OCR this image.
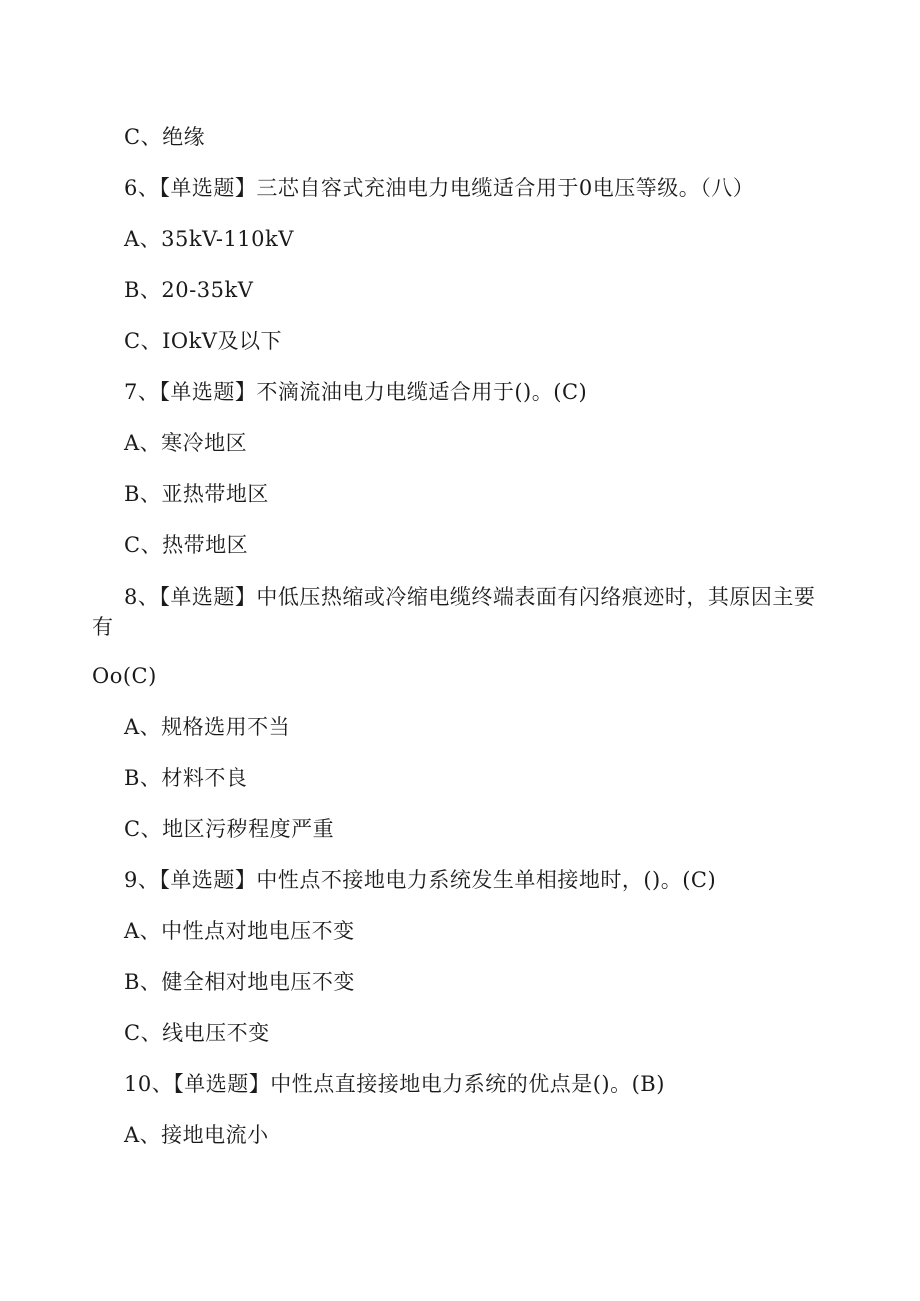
C、绝缘
6、【单选题】三芯自容式充油电力电缆适合用于0电压等级。（八）
A、35kV-110kV
B、20-35kV
C、IOkV及以下
7、【单选题】不滴流油电力电缆适合用于()。(C)
A、寒冷地区
B、亚热带地区
C、热带地区
8、【单选题】中低压热缩或冷缩电缆终端表面有闪络痕迹时，其原因主要有
Oo(C)
A、规格选用不当
B、材料不良
C、地区污秽程度严重
9、【单选题】中性点不接地电力系统发生单相接地时，()。(C)
A、中性点对地电压不变
B、健全相对地电压不变
C、线电压不变
10、【单选题】中性点直接接地电力系统的优点是()。(B)
A、接地电流小
